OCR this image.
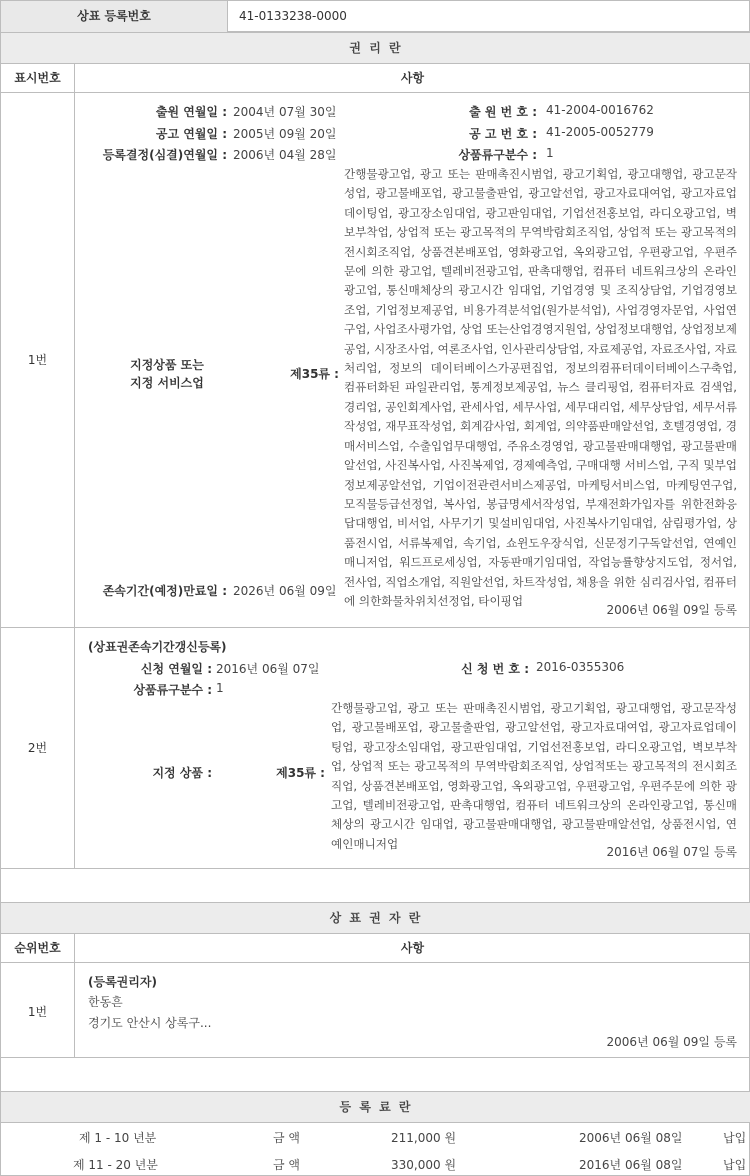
상표 등록번호	41-0133238-0000
권 리 란
표시번호	사항
1번
출원 연월일 : 2004년 07월 30일	출 원 번 호 : 41-2004-0016762
공고 연월일 : 2005년 09월 20일	공 고 번 호 : 41-2005-0052779
등록결정(심결)연월일 : 2006년 04월 28일	상품류구분수 : 1
지정상품 또는
지정 서비스업
제35류 :
간행물광고업, 광고 또는 판매촉진시범업, 광고기획업, 광고대행업, 광고문작성업, 광고물배포업, 광고물출판업, 광고알선업, 광고자료대여업, 광고자료업데이팅업, 광고장소임대업, 광고판임대업, 기업선전홍보업, 라디오광고업, 벽보부착업, 상업적 또는 광고목적의 무역박람회조직업, 상업적 또는 광고목적의 전시회조직업, 상품견본배포업, 영화광고업, 옥외광고업, 우편광고업, 우편주문에 의한 광고업, 텔레비전광고업, 판촉대행업, 컴퓨터 네트워크상의 온라인광고업, 통신매체상의 광고시간 임대업, 기업경영 및 조직상담업, 기업경영보조업, 기업정보제공업, 비용가격분석업(원가분석업), 사업경영자문업, 사업연구업, 사업조사평가업, 상업 또는산업경영지원업, 상업정보대행업, 상업정보제공업, 시장조사업, 여론조사업, 인사관리상담업, 자료제공업, 자료조사업, 자료처리업, 정보의 데이터베이스가공편집업, 정보의컴퓨터데이터베이스구축업, 컴퓨터화된 파일관리업, 통계정보제공업, 뉴스 클리핑업, 컴퓨터자료 검색업, 경리업, 공인회계사업, 관세사업, 세무사업, 세무대리업, 세무상담업, 세무서류작성업, 재무표작성업, 회계감사업, 회계업, 의약품판매알선업, 호텔경영업, 경매서비스업, 수출입업무대행업, 주유소경영업, 광고물판매대행업, 광고물판매알선업, 사진복사업, 사진복제업, 경제예측업, 구매대행 서비스업, 구직 및부업정보제공알선업, 기업이전관련서비스제공업, 마케팅서비스업, 마케팅연구업, 모직물등급선정업, 복사업, 봉급명세서작성업, 부재전화가입자를 위한전화응답대행업, 비서업, 사무기기 및설비임대업, 사진복사기임대업, 삼림평가업, 상품전시업, 서류복제업, 속기업, 쇼윈도우장식업, 신문정기구독알선업, 연예인매니저업, 워드프로세싱업, 자동판매기임대업, 작업능률향상지도업, 정서업, 전사업, 직업소개업, 직원알선업, 차트작성업, 채용을 위한 심리검사업, 컴퓨터에 의한화물차위치선정업, 타이핑업
존속기간(예정)만료일 : 2026년 06월 09일
2006년 06월 09일 등록
2번
(상표권존속기간갱신등록)
신청 연월일 : 2016년 06월 07일	신 청 번 호 : 2016-0355306
상품류구분수 : 1
지정 상품 :	제35류 :
간행물광고업, 광고 또는 판매촉진시범업, 광고기획업, 광고대행업, 광고문작성업, 광고물배포업, 광고물출판업, 광고알선업, 광고자료대여업, 광고자료업데이팅업, 광고장소임대업, 광고판임대업, 기업선전홍보업, 라디오광고업, 벽보부착업, 상업적 또는 광고목적의 무역박람회조직업, 상업적또는 광고목적의 전시회조직업, 상품견본배포업, 영화광고업, 옥외광고업, 우편광고업, 우편주문에 의한 광고업, 텔레비전광고업, 판촉대행업, 컴퓨터 네트워크상의 온라인광고업, 통신매체상의 광고시간 임대업, 광고물판매대행업, 광고물판매알선업, 상품전시업, 연예인매니저업
2016년 06월 07일 등록
상 표 권 자 란
순위번호	사항
1번
(등록권리자)
한동흔
경기도 안산시 상록구...
2006년 06월 09일 등록
등 록 료 란
제 1 - 10 년분	금 액	211,000 원	2006년 06월 08일	납입
제 11 - 20 년분	금 액	330,000 원	2016년 06월 08일	납입
